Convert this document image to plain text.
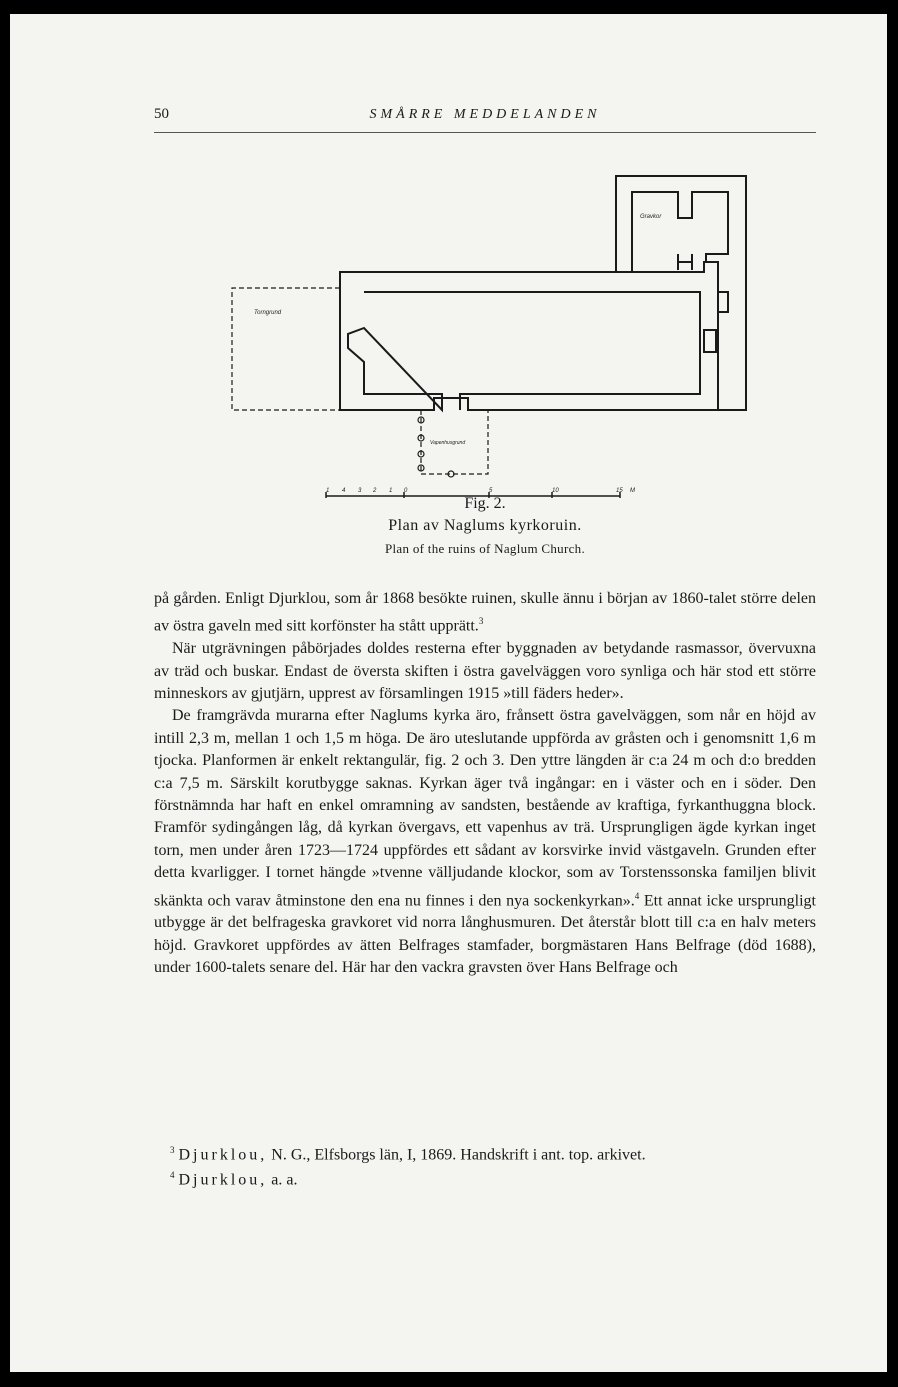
50	SMÅRRE MEDDELANDEN
Gravkor
Torngrund
Vapenhusgrund
1 4 3 2 1 0	5	10	15 M
Fig. 2.
Plan av Naglums kyrkoruin.
Plan of the ruins of Naglum Church.

på gården. Enligt Djurklou, som år 1868 besökte ruinen, skulle ännu i början av 1860-talet större delen av östra gaveln med sitt korfönster ha stått upprätt.$^3$

När utgrävningen påbörjades doldes resterna efter byggnaden av betydande rasmassor, övervuxna av träd och buskar. Endast de översta skiften i östra gavelväggen voro synliga och här stod ett större minneskors av gjutjärn, upprest av församlingen 1915 »till fäders heder».

De framgrävda murarna efter Naglums kyrka äro, frånsett östra gavelväggen, som når en höjd av intill 2,3 m, mellan 1 och 1,5 m höga. De äro uteslutande uppförda av gråsten och i genomsnitt 1,6 m tjocka. Planformen är enkelt rektangulär, fig. 2 och 3. Den yttre längden är c:a 24 m och d:o bredden c:a 7,5 m. Särskilt korutbygge saknas. Kyrkan äger två ingångar: en i väster och en i söder. Den förstnämnda har haft en enkel omramning av sandsten, bestående av kraftiga, fyrkanthuggna block. Framför sydingången låg, då kyrkan övergavs, ett vapenhus av trä. Ursprungligen ägde kyrkan inget torn, men under åren 1723—1724 uppfördes ett sådant av korsvirke invid västgaveln. Grunden efter detta kvarligger. I tornet hängde »tvenne välljudande klockor, som av Torstenssonska familjen blivit skänkta och varav åtminstone den ena nu finnes i den nya sockenkyrkan».$^4$ Ett annat icke ursprungligt utbygge är det belfrageska gravkoret vid norra långhusmuren. Det återstår blott till c:a en halv meters höjd. Gravkoret uppfördes av ätten Belfrages stamfader, borgmästaren Hans Belfrage (död 1688), under 1600-talets senare del. Här har den vackra gravsten över Hans Belfrage och

$^3$ Djurklou, N. G., Elfsborgs län, I, 1869. Handskrift i ant. top. arkivet.

$^4$ Djurklou, a. a.
